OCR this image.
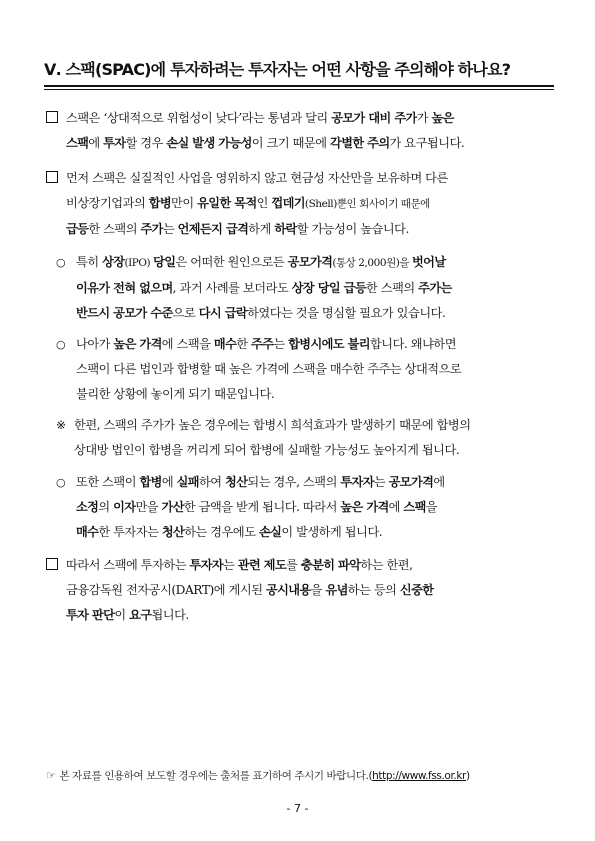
Ⅴ. 스팩(SPAC)에 투자하려는 투자자는 어떤 사항을 주의해야 하나요?
스팩은 ‘상대적으로 위험성이 낮다’라는 통념과 달리 공모가 대비 주가가 높은
스팩에 투자할 경우 손실 발생 가능성이 크기 때문에 각별한 주의가 요구됩니다.
먼저 스팩은 실질적인 사업을 영위하지 않고 현금성 자산만을 보유하며 다른
비상장기업과의 합병만이 유일한 목적인 껍데기(Shell)뿐인 회사이기 때문에
급등한 스팩의 주가는 언제든지 급격하게 하락할 가능성이 높습니다.
○ 특히 상장(IPO) 당일은 어떠한 원인으로든 공모가격(통상 2,000원)을 벗어날
이유가 전혀 없으며, 과거 사례를 보더라도 상장 당일 급등한 스팩의 주가는
반드시 공모가 수준으로 다시 급락하였다는 것을 명심할 필요가 있습니다.
○ 나아가 높은 가격에 스팩을 매수한 주주는 합병시에도 불리합니다. 왜냐하면
스팩이 다른 법인과 합병할 때 높은 가격에 스팩을 매수한 주주는 상대적으로
불리한 상황에 놓이게 되기 때문입니다.
※ 한편, 스팩의 주가가 높은 경우에는 합병시 희석효과가 발생하기 때문에 합병의
상대방 법인이 합병을 꺼리게 되어 합병에 실패할 가능성도 높아지게 됩니다.
○ 또한 스팩이 합병에 실패하여 청산되는 경우, 스팩의 투자자는 공모가격에
소정의 이자만을 가산한 금액을 받게 됩니다. 따라서 높은 가격에 스팩을
매수한 투자자는 청산하는 경우에도 손실이 발생하게 됩니다.
따라서 스팩에 투자하는 투자자는 관련 제도를 충분히 파악하는 한편,
금융감독원 전자공시(DART)에 게시된 공시내용을 유념하는 등의 신중한
투자 판단이 요구됩니다.
☞ 본 자료를 인용하여 보도할 경우에는 출처를 표기하여 주시기 바랍니다.(http://www.fss.or.kr)
- 7 -
